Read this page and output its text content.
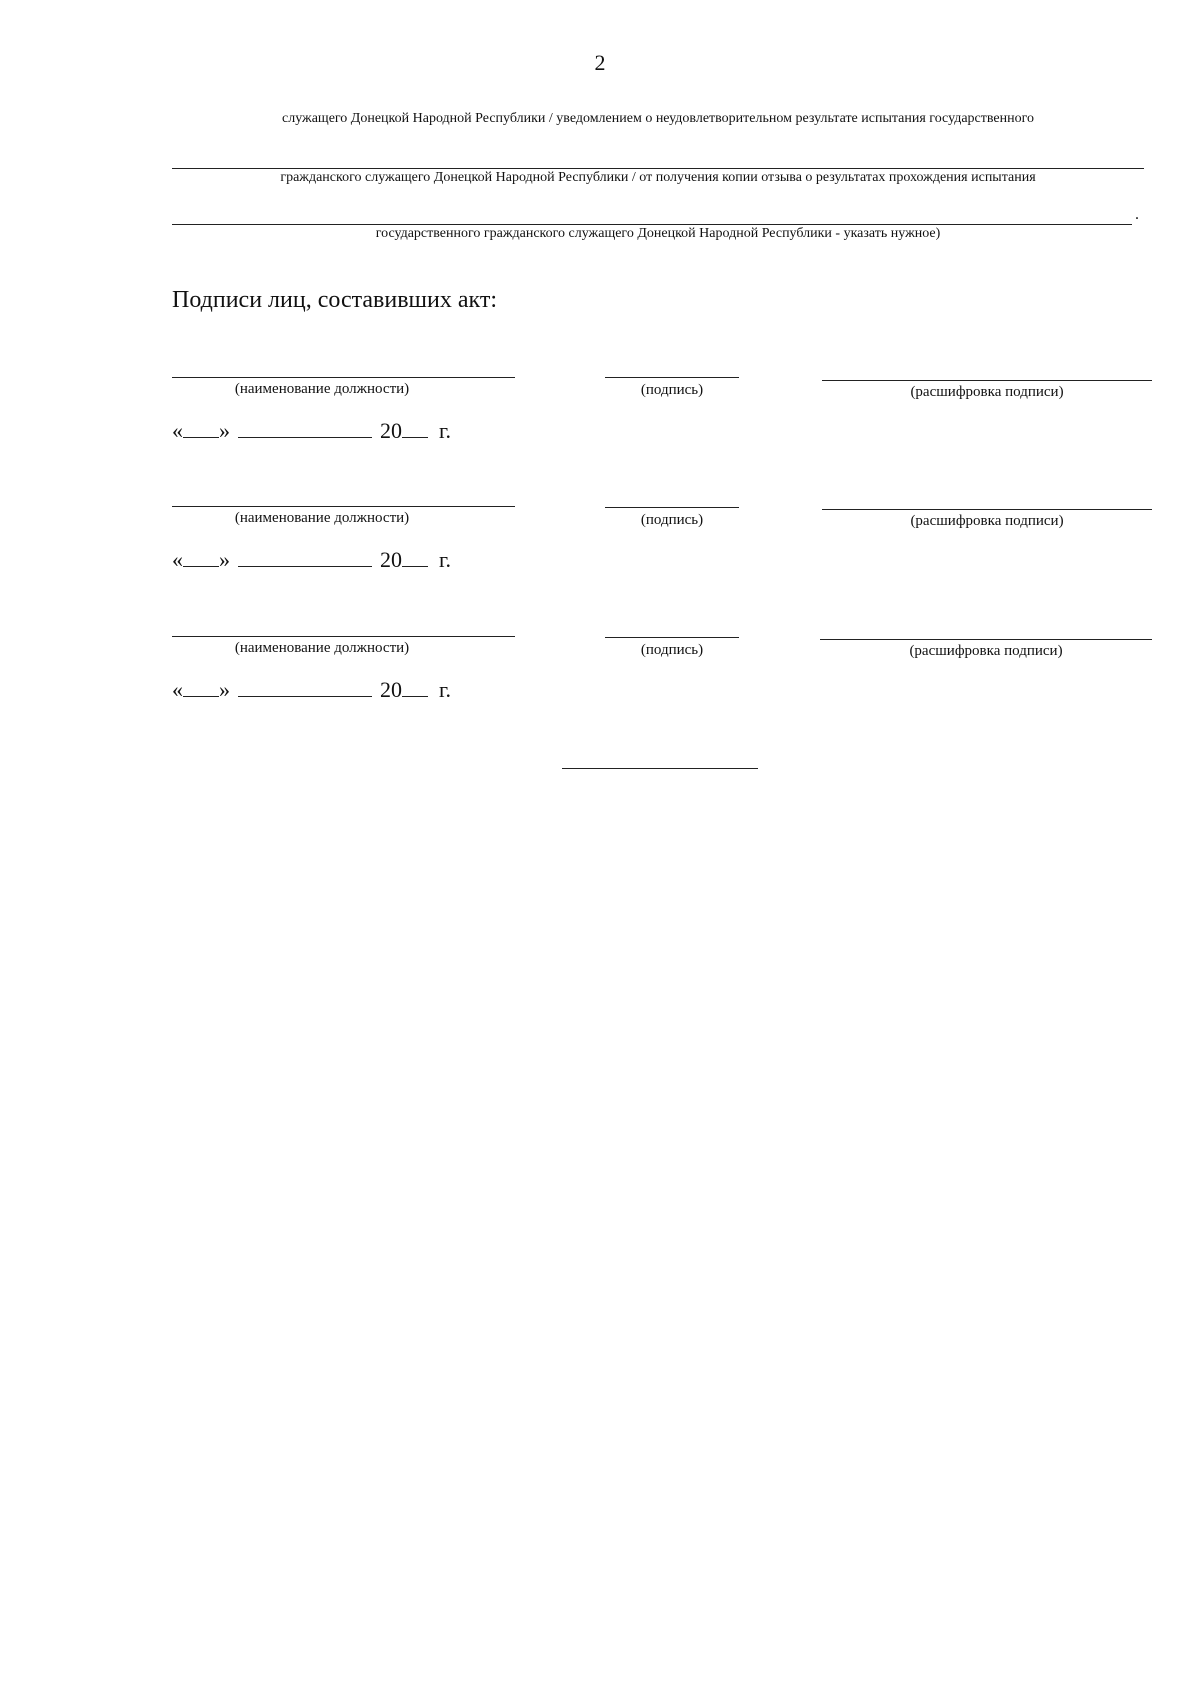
2
служащего Донецкой Народной Республики / уведомлением о неудовлетворительном результате испытания государственного
гражданского служащего Донецкой Народной Республики / от получения копии отзыва о результатах прохождения испытания
.
государственного гражданского служащего Донецкой Народной Республики - указать нужное)
Подписи лиц, составивших акт:
(наименование должности)	(подпись)	(расшифровка подписи)
« »	20 г.
(наименование должности)	(подпись)	(расшифровка подписи)
« »	20 г.
(наименование должности)	(подпись)	(расшифровка подписи)
« »	20 г.
